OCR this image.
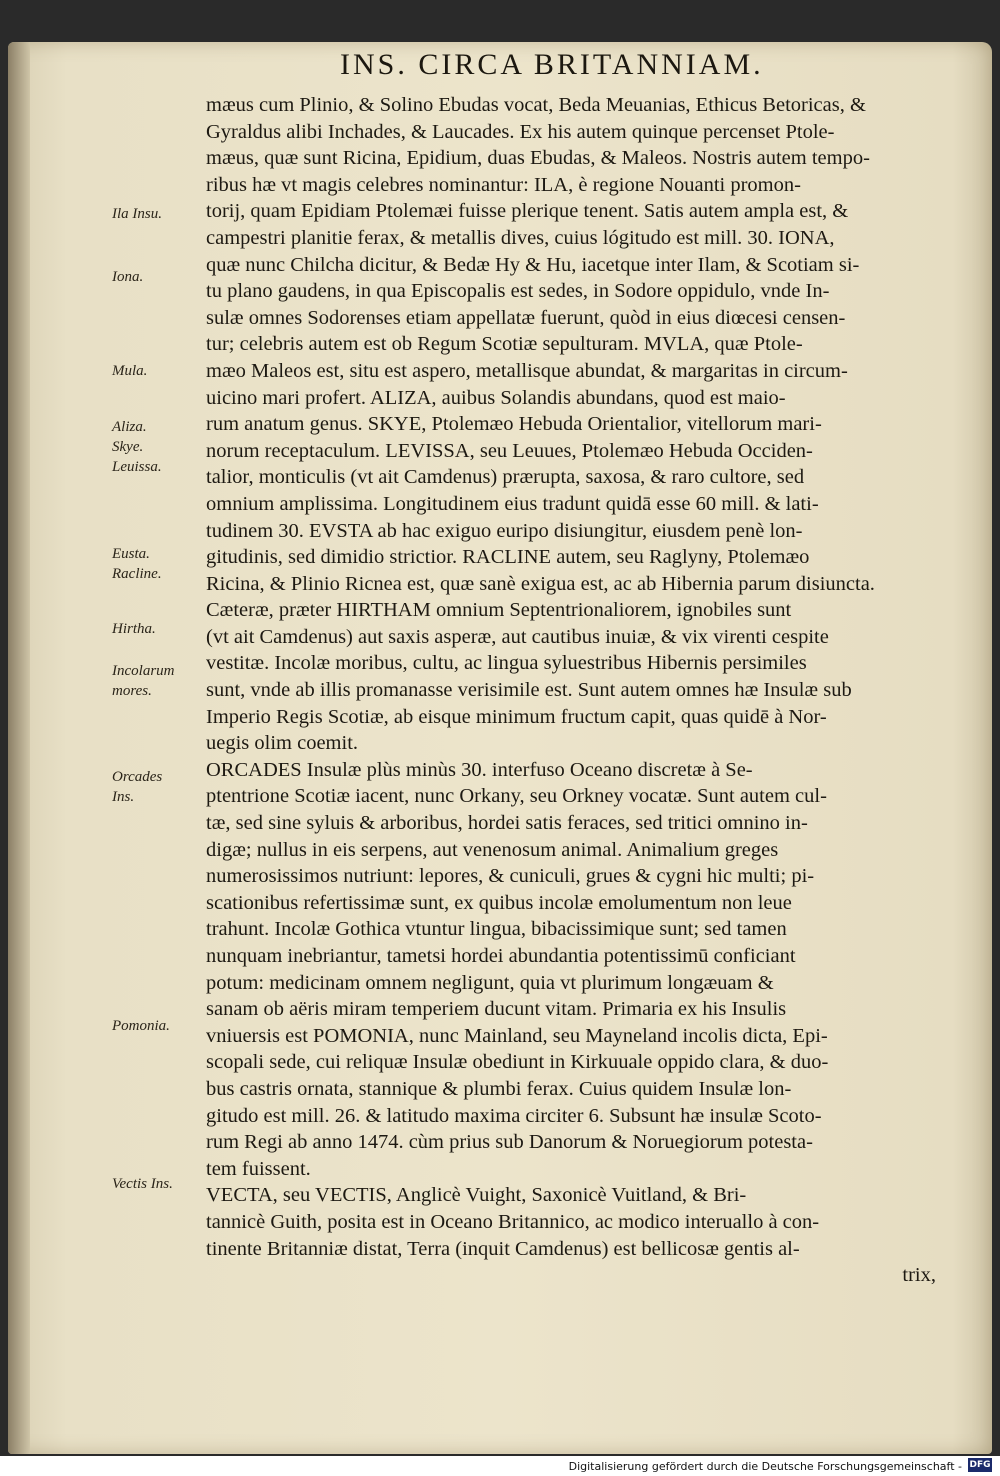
INS. CIRCA BRITANNIAM.
Ila Insu.
Iona.
Mula.
Aliza.
Skye.
Leuissa.
Eusta.
Racline.
Hirtha.
Incolarum
mores.
Orcades
Ins.
Pomonia.
Vectis Ins.
mæus cum Plinio, & Solino Ebudas vocat, Beda Meuanias, Ethicus Betoricas, &
Gyraldus alibi Inchades, & Laucades. Ex his autem quinque percenset Ptole-
mæus, quæ sunt Ricina, Epidium, duas Ebudas, & Maleos. Nostris autem tempo-
ribus hæ vt magis celebres nominantur: ILA, è regione Nouanti promon-
torij, quam Epidiam Ptolemæi fuisse plerique tenent. Satis autem ampla est, &
campestri planitie ferax, & metallis dives, cuius lógitudo est mill. 30. IONA,
quæ nunc Chilcha dicitur, & Bedæ Hy & Hu, iacetque inter Ilam, & Scotiam si-
tu plano gaudens, in qua Episcopalis est sedes, in Sodore oppidulo, vnde In-
sulæ omnes Sodorenses etiam appellatæ fuerunt, quòd in eius diœcesi censen-
tur; celebris autem est ob Regum Scotiæ sepulturam. MVLA, quæ Ptole-
mæo Maleos est, situ est aspero, metallisque abundat, & margaritas in circum-
uicino mari profert. ALIZA, auibus Solandis abundans, quod est maio-
rum anatum genus. SKYE, Ptolemæo Hebuda Orientalior, vitellorum mari-
norum receptaculum. LEVISSA, seu Leuues, Ptolemæo Hebuda Occiden-
talior, monticulis (vt ait Camdenus) prærupta, saxosa, & raro cultore, sed
omnium amplissima. Longitudinem eius tradunt quidā esse 60 mill. & lati-
tudinem 30. EVSTA ab hac exiguo euripo disiungitur, eiusdem penè lon-
gitudinis, sed dimidio strictior. RACLINE autem, seu Raglyny, Ptolemæo
Ricina, & Plinio Ricnea est, quæ sanè exigua est, ac ab Hibernia parum disiuncta.
Cæteræ, præter HIRTHAM omnium Septentrionaliorem, ignobiles sunt
(vt ait Camdenus) aut saxis asperæ, aut cautibus inuiæ, & vix virenti cespite
vestitæ. Incolæ moribus, cultu, ac lingua syluestribus Hibernis persimiles
sunt, vnde ab illis promanasse verisimile est. Sunt autem omnes hæ Insulæ sub
Imperio Regis Scotiæ, ab eisque minimum fructum capit, quas quidē à Nor-
uegis olim coemit.
ORCADES Insulæ plùs minùs 30. interfuso Oceano discretæ à Se-
ptentrione Scotiæ iacent, nunc Orkany, seu Orkney vocatæ. Sunt autem cul-
tæ, sed sine syluis & arboribus, hordei satis feraces, sed tritici omnino in-
digæ; nullus in eis serpens, aut venenosum animal. Animalium greges
numerosissimos nutriunt: lepores, & cuniculi, grues & cygni hic multi; pi-
scationibus refertissimæ sunt, ex quibus incolæ emolumentum non leue
trahunt. Incolæ Gothica vtuntur lingua, bibacissimique sunt; sed tamen
nunquam inebriantur, tametsi hordei abundantia potentissimū conficiant
potum: medicinam omnem negligunt, quia vt plurimum longæuam &
sanam ob aëris miram temperiem ducunt vitam. Primaria ex his Insulis
vniuersis est POMONIA, nunc Mainland, seu Mayneland incolis dicta, Epi-
scopali sede, cui reliquæ Insulæ obediunt in Kirkuuale oppido clara, & duo-
bus castris ornata, stannique & plumbi ferax. Cuius quidem Insulæ lon-
gitudo est mill. 26. & latitudo maxima circiter 6. Subsunt hæ insulæ Scoto-
rum Regi ab anno 1474. cùm prius sub Danorum & Noruegiorum potesta-
tem fuissent.
VECTA, seu VECTIS, Anglicè Vuight, Saxonicè Vuitland, & Bri-
tannicè Guith, posita est in Oceano Britannico, ac modico interuallo à con-
tinente Britanniæ distat, Terra (inquit Camdenus) est bellicosæ gentis al-
trix,
Digitalisierung gefördert durch die Deutsche Forschungsgemeinschaft - DFG
